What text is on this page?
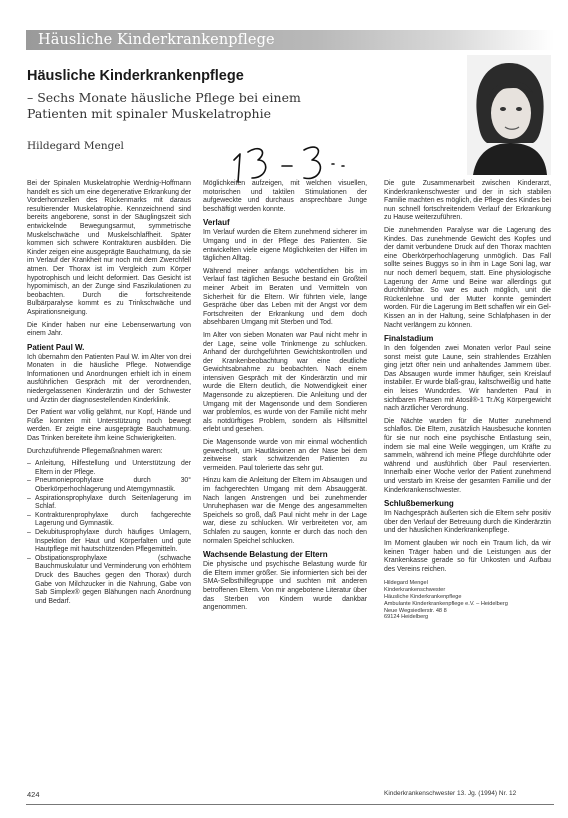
Häusliche Kinderkrankenpflege
Häusliche Kinderkrankenpflege
– Sechs Monate häusliche Pflege bei einem Patienten mit spinaler Muskelatrophie
Hildegard Mengel

Bei der Spinalen Muskelatrophie Werdnig-Hoffmann handelt es sich um eine degenerative Erkrankung der Vorderhornzellen des Rückenmarks mit daraus resultierender Muskelatrophie. Kennzeichnend sind bereits angeborene, sonst in der Säuglingszeit sich entwickelnde Bewegungsarmut, symmetrische Muskelschwäche und Muskelschlaffheit. Später kommen sich schwere Kontrakturen ausbilden. Die Kinder zeigen eine ausgeprägte Bauchatmung, da sie im Verlauf der Krankheit nur noch mit dem Zwerchfell atmen. Der Thorax ist im Vergleich zum Körper hypotrophisch und leicht deformiert. Das Gesicht ist hypomimisch, an der Zunge sind Faszikulationen zu beobachten. Durch die fortschreitende Bulbärparalyse kommt es zu Trinkschwäche und Aspirationsneigung.

Die Kinder haben nur eine Lebenserwartung von einem Jahr.

Patient Paul W.

Ich übernahm den Patienten Paul W. im Alter von drei Monaten in die häusliche Pflege. Notwendige Informationen und Anordnungen erhielt ich in einem ausführlichen Gespräch mit der verordnenden, niedergelassenen Kinderärztin und der Schwester und Ärztin der diagnosestellenden Kinderklinik.

Der Patient war völlig gelähmt, nur Kopf, Hände und Füße konnten mit Unterstützung noch bewegt werden. Er zeigte eine ausgeprägte Bauchatmung. Das Trinken bereitete ihm keine Schwierigkeiten.

Durchzuführende Pflegemaßnahmen waren:

– Anleitung, Hilfestellung und Unterstützung der Eltern in der Pflege.
– Pneumonieprophylaxe durch 30° Oberkörperhochlagerung und Atemgymnastik.
– Aspirationsprophylaxe durch Seitenlagerung im Schlaf.
– Kontrakturenprophylaxe durch fachgerechte Lagerung und Gymnastik.
– Dekubitusprophylaxe durch häufiges Umlagern, Inspektion der Haut und Körperfalten und gute Hautpflege mit hautschützenden Pflegemitteln.
– Obstipationsprophylaxe (schwache Bauchmuskulatur und Verminderung von erhöhtem Druck des Bauches gegen den Thorax) durch Gabe von Milchzucker in die Nahrung, Gabe von Sab Simplex® gegen Blähungen nach Anordnung und Bedarf.

Möglichkeiten aufzeigen, mit welchen visuellen, motorischen und taktilen Stimulationen der aufgeweckte und durchaus ansprechbare Junge beschäftigt werden konnte.

Verlauf

Im Verlauf wurden die Eltern zunehmend sicherer im Umgang und in der Pflege des Patienten. Sie entwickelten viele eigene Möglichkeiten der Hilfen im täglichen Alltag.

Während meiner anfangs wöchentlichen bis im Verlauf fast täglichen Besuche bestand ein Großteil meiner Arbeit im Beraten und Vermitteln von Sicherheit für die Eltern. Wir führten viele, lange Gespräche über das Leben mit der Angst vor dem Fortschreiten der Erkrankung und dem doch absehbaren Umgang mit Sterben und Tod.

Im Alter von sieben Monaten war Paul nicht mehr in der Lage, seine volle Trinkmenge zu schlucken. Anhand der durchgeführten Gewichtskontrollen und der Krankenbeobachtung war eine deutliche Gewichtsabnahme zu beobachten. Nach einem intensiven Gespräch mit der Kinderärztin und mir wurde die Eltern deutlich, die Notwendigkeit einer Magensonde zu akzeptieren. Die Anleitung und der Umgang mit der Magensonde und dem Sondieren war problemlos, es wurde von der Familie nicht mehr als notdürftiges Problem, sondern als Hilfsmittel erlebt und gesehen.

Die Magensonde wurde von mir einmal wöchentlich gewechselt, um Hautläsionen an der Nase bei dem zeitweise stark schwitzenden Patienten zu vermeiden. Paul tolerierte das sehr gut.

Hinzu kam die Anleitung der Eltern im Absaugen und im fachgerechten Umgang mit dem Absauggerät. Nach langen Anstrengen und bei zunehmender Unruhephasen war die Menge des angesammelten Speichels so groß, daß Paul nicht mehr in der Lage war, diese zu schlucken. Wir verbreiteten vor, am Schlafen zu saugen, konnte er durch das noch den normalen Speichel schlucken.

Wachsende Belastung der Eltern

Die physische und psychische Belastung wurde für die Eltern immer größer. Sie informierten sich bei der SMA-Selbsthilfegruppe und suchten mit anderen betroffenen Eltern. Von mir angebotene Literatur über das Sterben von Kindern wurde dankbar angenommen.

Die gute Zusammenarbeit zwischen Kinderarzt, Kinderkrankenschwester und der in sich stabilen Familie machten es möglich, die Pflege des Kindes bei nun schnell fortschreitendem Verlauf der Erkrankung zu Hause weiterzuführen.

Die zunehmenden Paralyse war die Lagerung des Kindes. Das zunehmende Gewicht des Kopfes und der damit verbundene Druck auf den Thorax machten eine Oberkörperhochlagerung unmöglich. Das Fall sollte seines Buggys so in ihm in Lage Soni lag, war nur noch demerl bequem, statt. Eine physiologische Lagerung der Arme und Beine war allerdings gut durchführbar. So war es auch möglich, unit die Rückenlehne und der Mutter konnte gemindert worden. Für die Lagerung im Bett schaffen wir ein Gel-Kissen an in der Haltung, seine Schlafphasen in der Nacht verlängern zu können.

Finalstadium

In den folgenden zwei Monaten verlor Paul seine sonst meist gute Laune, sein strahlendes Erzählen ging jetzt öfter nein und anhaltendes Jammern über. Das Absaugen wurde immer häufiger, sein Kreislauf instabiler. Er wurde blaß-grau, kaltschweißig und hatte ein leises Wundcrdes. Wir handerten Paul in sichtbaren Phasen mit Atosil®-1 Tr./Kg Körpergewicht nach ärztlicher Verordnung.

Die Nächte wurden für die Mutter zunehmend schlaflos. Die Eltern, zusätzlich Hausbesuche konnten für sie nur noch eine psychische Entlastung sein, indem sie mal eine Weile weggingen, um Kräfte zu sammeln, während ich meine Pflege durchführte oder während und ausführlich über Paul reservierten. Innerhalb einer Woche verlor der Patient zunehmend und verstarb im Kreise der gesamten Familie und der Kinderkrankenschwester.

Schlußbemerkung

Im Nachgespräch äußerten sich die Eltern sehr positiv über den Verlauf der Betreuung durch die Kinderärztin und der häuslichen Kinderkrankenpflege.

Im Moment glauben wir noch ein Traum lich, da wir keinen Träger haben und die Leistungen aus der Krankenkasse gerade so für Unkosten und Aufbau des Vereins reichen.

Hildegard Mengel
Kinderkrankenschwester
Häusliche Kinderkrankenpflege
Ambulante Kinderkrankenpflege e.V. – Heidelberg
Neue Wegsiedlerstr. 48 8
69124 Heidelberg
424	Kinderkrankenschwester 13. Jg. (1994) Nr. 12
